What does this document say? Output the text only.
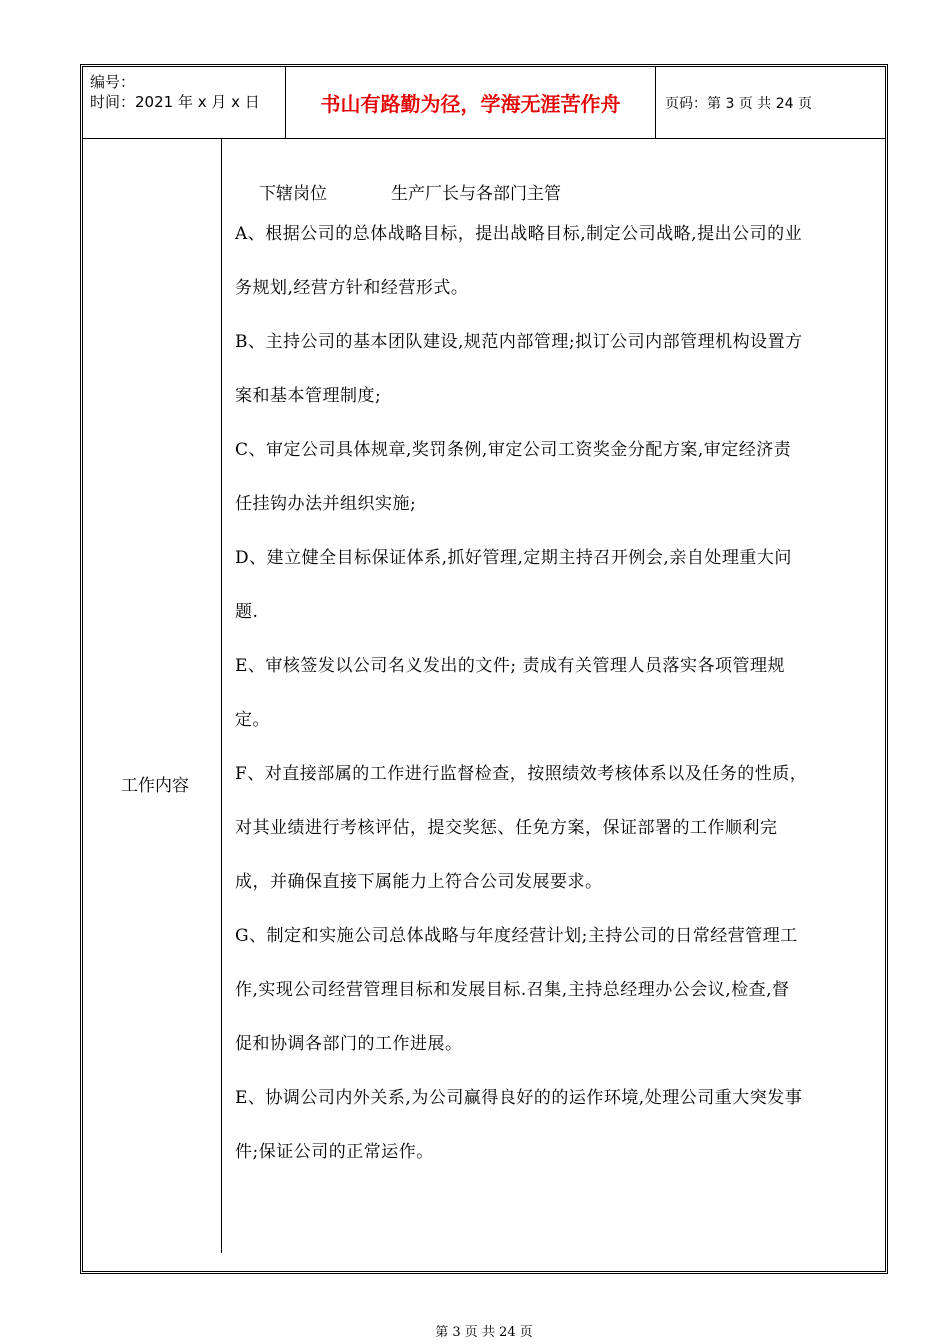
编号：
时间：2021 年 x 月 x 日	书山有路勤为径，学海无涯苦作舟	页码：第 3 页 共 24 页
工作内容
下辖岗位	生产厂长与各部门主管

A、根据公司的总体战略目标，提出战略目标,制定公司战略,提出公司的业

务规划,经营方针和经营形式。

B、主持公司的基本团队建设,规范内部管理;拟订公司内部管理机构设置方

案和基本管理制度;

C、审定公司具体规章,奖罚条例,审定公司工资奖金分配方案,审定经济责

任挂钩办法并组织实施;

D、建立健全目标保证体系,抓好管理,定期主持召开例会,亲自处理重大问

题.

E、审核签发以公司名义发出的文件; 责成有关管理人员落实各项管理规

定。

F、对直接部属的工作进行监督检查，按照绩效考核体系以及任务的性质，

对其业绩进行考核评估，提交奖惩、任免方案，保证部署的工作顺利完

成，并确保直接下属能力上符合公司发展要求。

G、制定和实施公司总体战略与年度经营计划;主持公司的日常经营管理工

作,实现公司经营管理目标和发展目标.召集,主持总经理办公会议,检查,督

促和协调各部门的工作进展。

E、协调公司内外关系,为公司赢得良好的的运作环境,处理公司重大突发事

件;保证公司的正常运作。

第 3 页 共 24 页
